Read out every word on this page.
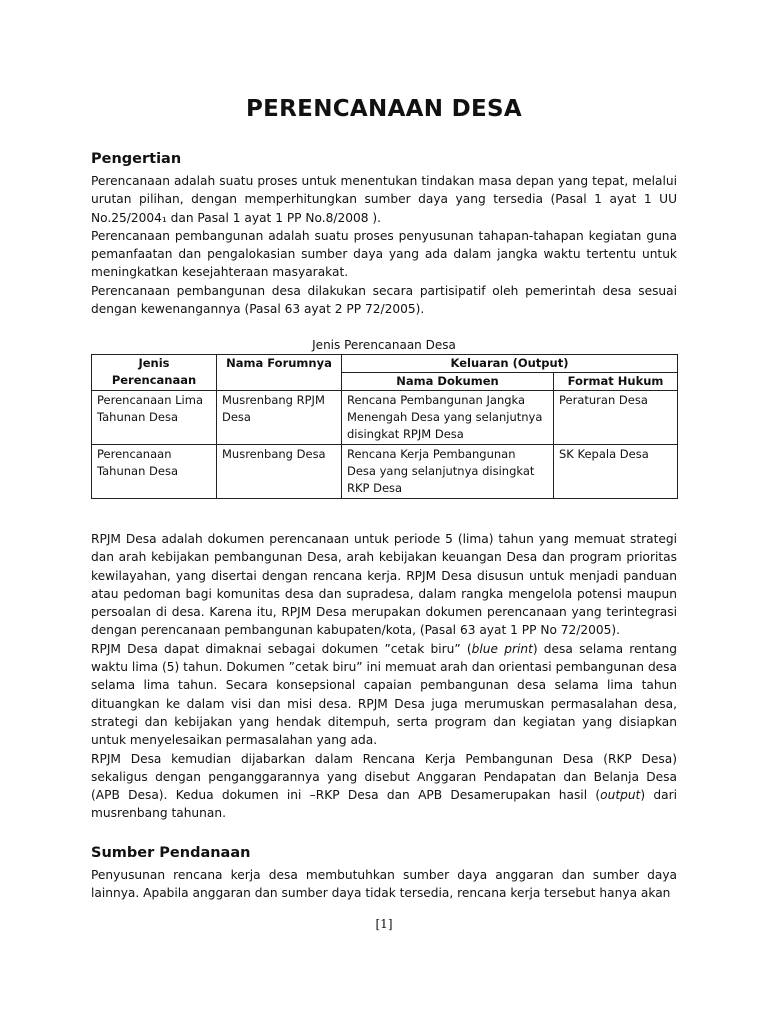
PERENCANAAN DESA
Pengertian

Perencanaan adalah suatu proses untuk menentukan tindakan masa depan yang tepat, melalui urutan pilihan, dengan memperhitungkan sumber daya yang tersedia (Pasal 1 ayat 1 UU No.25/2004₁ dan Pasal 1 ayat 1 PP No.8/2008 ).

Perencanaan pembangunan adalah suatu proses penyusunan tahapan-tahapan kegiatan guna pemanfaatan dan pengalokasian sumber daya yang ada dalam jangka waktu tertentu untuk meningkatkan kesejahteraan masyarakat.

Perencanaan pembangunan desa dilakukan secara partisipatif oleh pemerintah desa sesuai dengan kewenangannya (Pasal 63 ayat 2 PP 72/2005).

Jenis Perencanaan Desa
Jenis Perencanaan	Nama Forumnya	Keluaran (Output)	
		Nama Dokumen	Format Hukum
Perencanaan Lima Tahunan Desa	Musrenbang RPJM Desa	Rencana Pembangunan Jangka Menengah Desa yang selanjutnya disingkat RPJM Desa	Peraturan Desa
Perencanaan Tahunan Desa	Musrenbang Desa	Rencana Kerja Pembangunan Desa yang selanjutnya disingkat RKP Desa	SK Kepala Desa

RPJM Desa adalah dokumen perencanaan untuk periode 5 (lima) tahun yang memuat strategi dan arah kebijakan pembangunan Desa, arah kebijakan keuangan Desa dan program prioritas kewilayahan, yang disertai dengan rencana kerja. RPJM Desa disusun untuk menjadi panduan atau pedoman bagi komunitas desa dan supradesa, dalam rangka mengelola potensi maupun persoalan di desa. Karena itu, RPJM Desa merupakan dokumen perencanaan yang terintegrasi dengan perencanaan pembangunan kabupaten/kota, (Pasal 63 ayat 1 PP No 72/2005).

RPJM Desa dapat dimaknai sebagai dokumen ”cetak biru” (blue print) desa selama rentang waktu lima (5) tahun. Dokumen ”cetak biru” ini memuat arah dan orientasi pembangunan desa selama lima tahun. Secara konsepsional capaian pembangunan desa selama lima tahun dituangkan ke dalam visi dan misi desa. RPJM Desa juga merumuskan permasalahan desa, strategi dan kebijakan yang hendak ditempuh, serta program dan kegiatan yang disiapkan untuk menyelesaikan permasalahan yang ada.

RPJM Desa kemudian dijabarkan dalam Rencana Kerja Pembangunan Desa (RKP Desa) sekaligus dengan penganggarannya yang disebut Anggaran Pendapatan dan Belanja Desa (APB Desa). Kedua dokumen ini –RKP Desa dan APB Desamerupakan hasil (output) dari musrenbang tahunan.

Sumber Pendanaan

Penyusunan rencana kerja desa membutuhkan sumber daya anggaran dan sumber daya lainnya. Apabila anggaran dan sumber daya tidak tersedia, rencana kerja tersebut hanya akan

[1]
